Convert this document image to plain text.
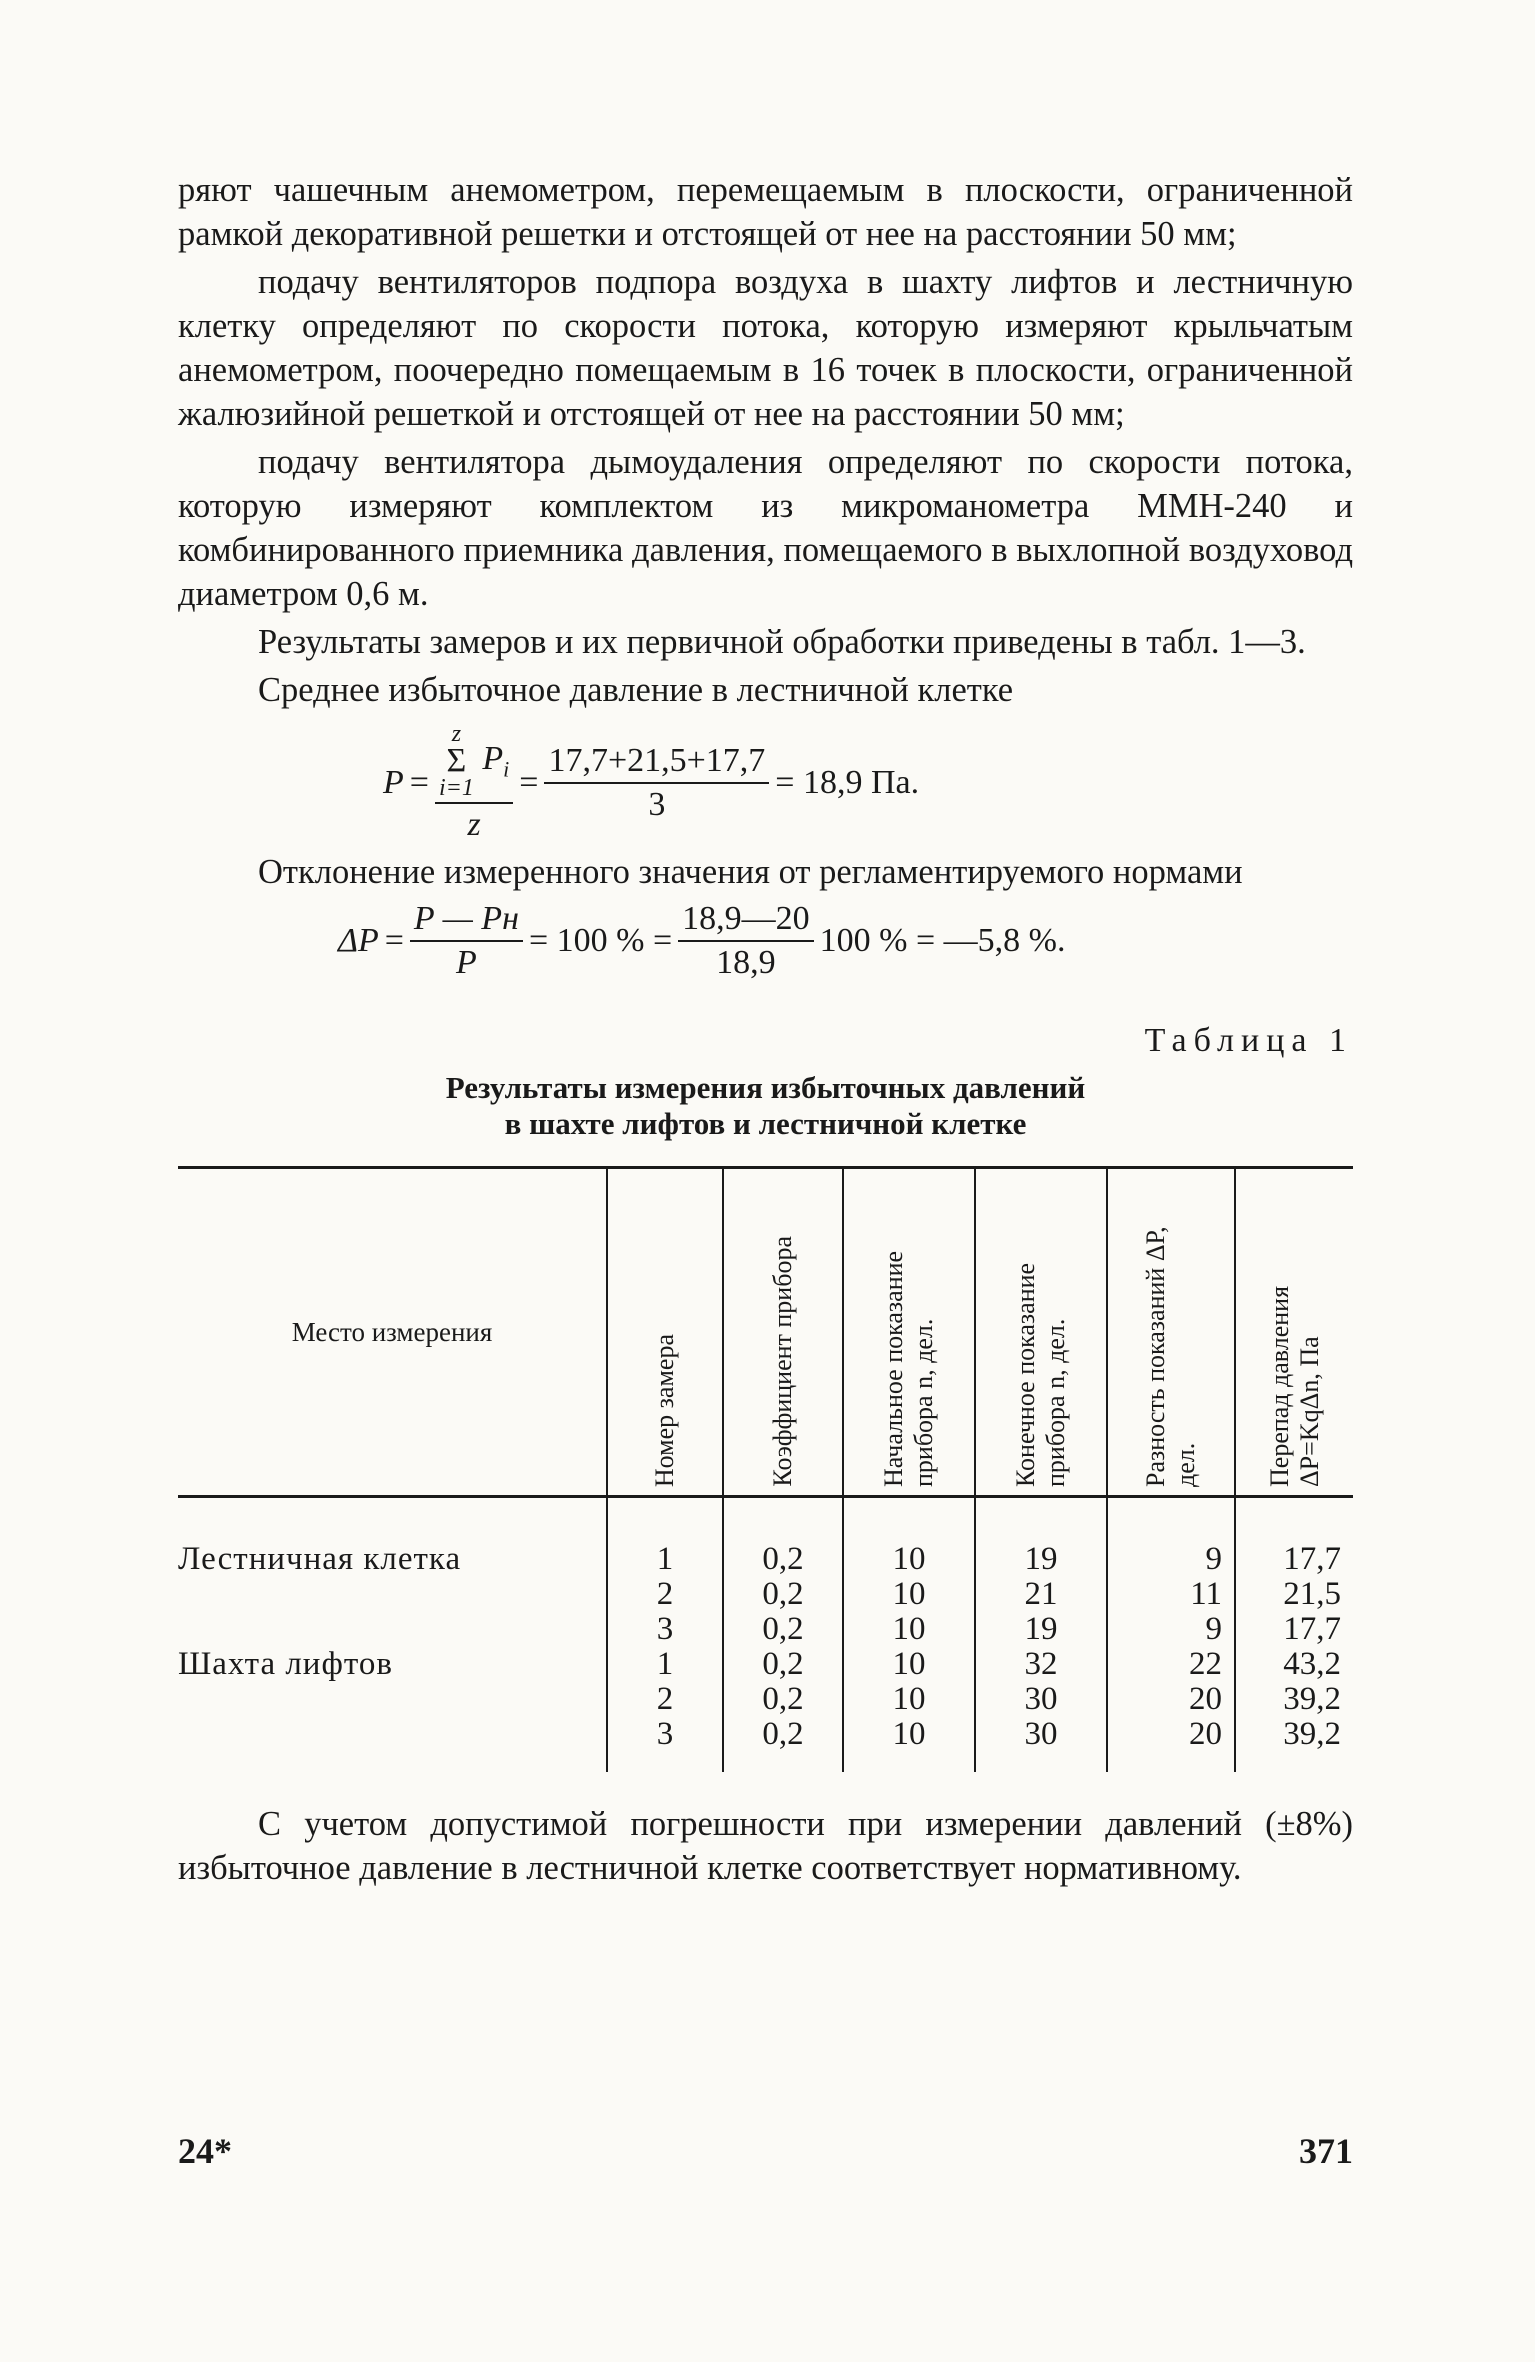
ряют чашечным анемометром, перемещаемым в плоскости, ограниченной рамкой декоративной решетки и отстоящей от нее на расстоянии 50 мм;

подачу вентиляторов подпора воздуха в шахту лифтов и лестничную клетку определяют по скорости потока, которую измеряют крыльчатым анемометром, поочередно помещаемым в 16 точек в плоскости, ограниченной жалюзийной решеткой и отстоящей от нее на расстоянии 50 мм;

подачу вентилятора дымоудаления определяют по скорости потока, которую измеряют комплектом из микроманометра ММН-240 и комбинированного приемника давления, помещаемого в выхлопной воздуховод диаметром 0,6 м.

Результаты замеров и их первичной обработки приведены в табл. 1—3.

Среднее избыточное давление в лестничной клетке

P = z
Σ
i=1
$P_i$
$z = \frac{17,7+21,5+17,7}{3} = 18,9$ Па.

Отклонение измеренного значения от регламентируемого нормами

$\Delta P = \frac{P — Pн}{P} = 100$ % = $\frac{18,9—20}{18,9} 100$ % = —5,8 %.
Таблица 1
Результаты измерения избыточных давлений
в шахте лифтов и лестничной клетке
Место измерения	Номер замера	Коэффициент прибора	Начальное показание прибора n, дел.	Конечное показание прибора n, дел.	Разность показаний ΔP, дел.	Перепад давления ΔP=KqΔn, Па

Лестничная клетка	1	0,2	10	19	9	17,7
	2	0,2	10	21	11	21,5
	3	0,2	10	19	9	17,7
Шахта лифтов	1	0,2	10	32	22	43,2
	2	0,2	10	30	20	39,2
	3	0,2	10	30	20	39,2

С учетом допустимой погрешности при измерении давлений (±8%) избыточное давление в лестничной клетке соответствует нормативному.

24*	371
